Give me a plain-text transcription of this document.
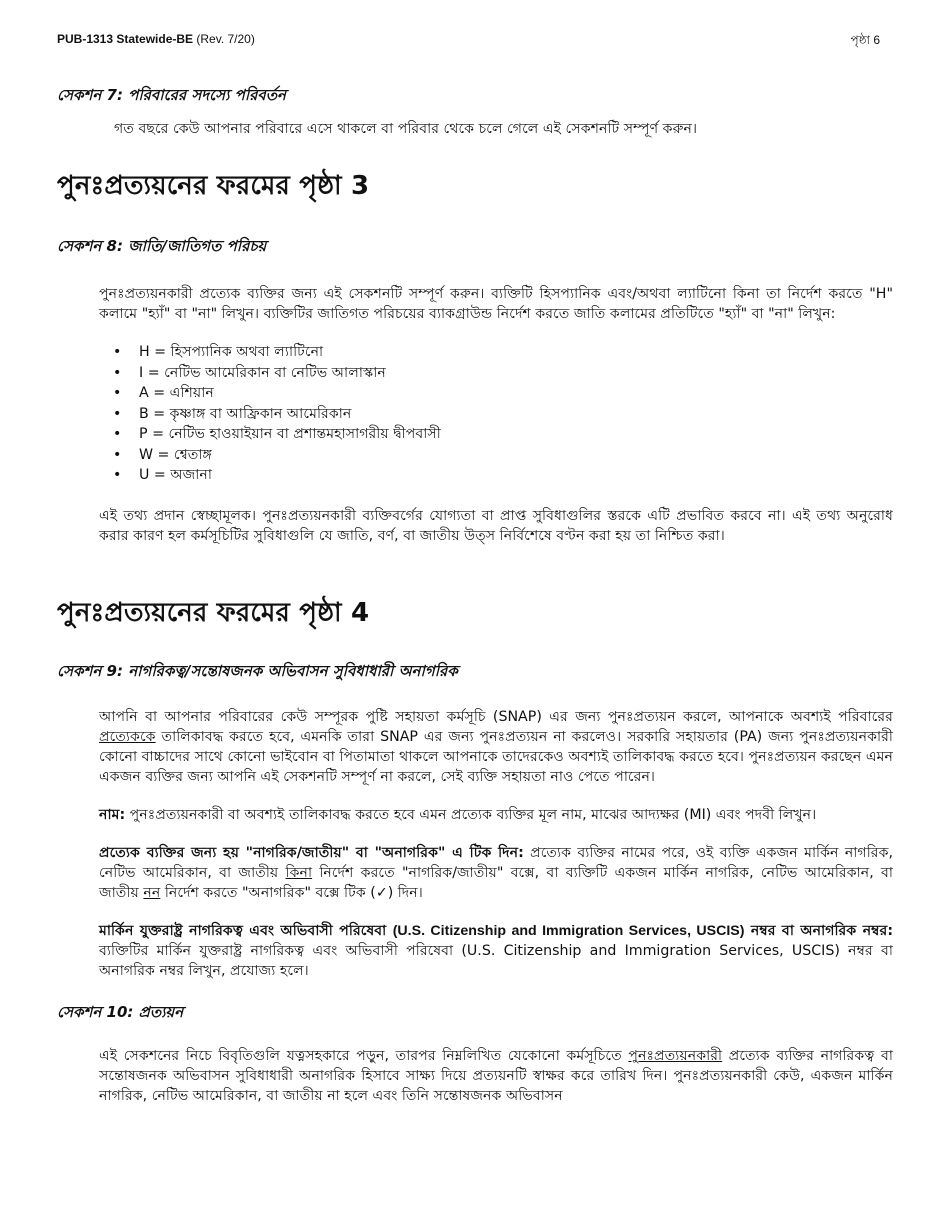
PUB-1313 Statewide-BE (Rev. 7/20)	পৃষ্ঠা 6
সেকশন 7: পরিবারের সদস্যে পরিবর্তন

গত বছরে কেউ আপনার পরিবারে এসে থাকলে বা পরিবার থেকে চলে গেলে এই সেকশনটি সম্পূর্ণ করুন।

পুনঃপ্রত্যয়নের ফরমের পৃষ্ঠা 3
সেকশন 8: জাতি/জাতিগত পরিচয়

পুনঃপ্রত্যয়নকারী প্রত্যেক ব্যক্তির জন্য এই সেকশনটি সম্পূর্ণ করুন। ব্যক্তিটি হিসপ্যানিক এবং/অথবা ল্যাটিনো কিনা তা নির্দেশ করতে "H" কলামে "হ্যাঁ" বা "না" লিখুন। ব্যক্তিটির জাতিগত পরিচয়ের ব্যাকগ্রাউন্ড নির্দেশ করতে জাতি কলামের প্রতিটিতে "হ্যাঁ" বা "না" লিখুন:

• H = হিসপ্যানিক অথবা ল্যাটিনো
• I = নেটিভ আমেরিকান বা নেটিভ আলাস্কান
• A = এশিয়ান
• B = কৃষ্ণাঙ্গ বা আফ্রিকান আমেরিকান
• P = নেটিভ হাওয়াইয়ান বা প্রশান্তমহাসাগরীয় দ্বীপবাসী
• W = শ্বেতাঙ্গ
• U = অজানা

এই তথ্য প্রদান স্বেচ্ছামূলক। পুনঃপ্রত্যয়নকারী ব্যক্তিবর্গের যোগ্যতা বা প্রাপ্ত সুবিধাগুলির স্তরকে এটি প্রভাবিত করবে না। এই তথ্য অনুরোধ করার কারণ হল কর্মসূচিটির সুবিধাগুলি যে জাতি, বর্ণ, বা জাতীয় উত্স নির্বিশেষে বণ্টন করা হয় তা নিশ্চিত করা।

পুনঃপ্রত্যয়নের ফরমের পৃষ্ঠা 4
সেকশন 9: নাগরিকত্ব/সন্তোষজনক অভিবাসন সুবিধাধারী অনাগরিক

আপনি বা আপনার পরিবারের কেউ সম্পূরক পুষ্টি সহায়তা কর্মসূচি (SNAP) এর জন্য পুনঃপ্রত্যয়ন করলে, আপনাকে অবশ্যই পরিবারের প্রত্যেককে তালিকাবদ্ধ করতে হবে, এমনকি তারা SNAP এর জন্য পুনঃপ্রত্যয়ন না করলেও। সরকারি সহায়তার (PA) জন্য পুনঃপ্রত্যয়নকারী কোনো বাচ্চাদের সাথে কোনো ভাইবোন বা পিতামাতা থাকলে আপনাকে তাদেরকেও অবশ্যই তালিকাবদ্ধ করতে হবে। পুনঃপ্রত্যয়ন করছেন এমন একজন ব্যক্তির জন্য আপনি এই সেকশনটি সম্পূর্ণ না করলে, সেই ব্যক্তি সহায়তা নাও পেতে পারেন।

নাম: পুনঃপ্রত্যয়নকারী বা অবশ্যই তালিকাবদ্ধ করতে হবে এমন প্রত্যেক ব্যক্তির মূল নাম, মাঝের আদ্যক্ষর (MI) এবং পদবী লিখুন।

প্রত্যেক ব্যক্তির জন্য হয় "নাগরিক/জাতীয়" বা "অনাগরিক" এ টিক দিন: প্রত্যেক ব্যক্তির নামের পরে, ওই ব্যক্তি একজন মার্কিন নাগরিক, নেটিভ আমেরিকান, বা জাতীয় কিনা নির্দেশ করতে "নাগরিক/জাতীয়" বক্সে, বা ব্যক্তিটি একজন মার্কিন নাগরিক, নেটিভ আমেরিকান, বা জাতীয় নন নির্দেশ করতে "অনাগরিক" বক্সে টিক (✓) দিন।

মার্কিন যুক্তরাষ্ট্র নাগরিকত্ব এবং অভিবাসী পরিষেবা (U.S. Citizenship and Immigration Services, USCIS) নম্বর বা অনাগরিক নম্বর: ব্যক্তিটির মার্কিন যুক্তরাষ্ট্র নাগরিকত্ব এবং অভিবাসী পরিষেবা (U.S. Citizenship and Immigration Services, USCIS) নম্বর বা অনাগরিক নম্বর লিখুন, প্রযোজ্য হলে।

সেকশন 10: প্রত্যয়ন

এই সেকশনের নিচে বিবৃতিগুলি যত্নসহকারে পড়ুন, তারপর নিম্নলিখিত যেকোনো কর্মসূচিতে পুনঃপ্রত্যয়নকারী প্রত্যেক ব্যক্তির নাগরিকত্ব বা সন্তোষজনক অভিবাসন সুবিধাধারী অনাগরিক হিসাবে সাক্ষ্য দিয়ে প্রত্যয়নটি স্বাক্ষর করে তারিখ দিন। পুনঃপ্রত্যয়নকারী কেউ, একজন মার্কিন নাগরিক, নেটিভ আমেরিকান, বা জাতীয় না হলে এবং তিনি সন্তোষজনক অভিবাসন
